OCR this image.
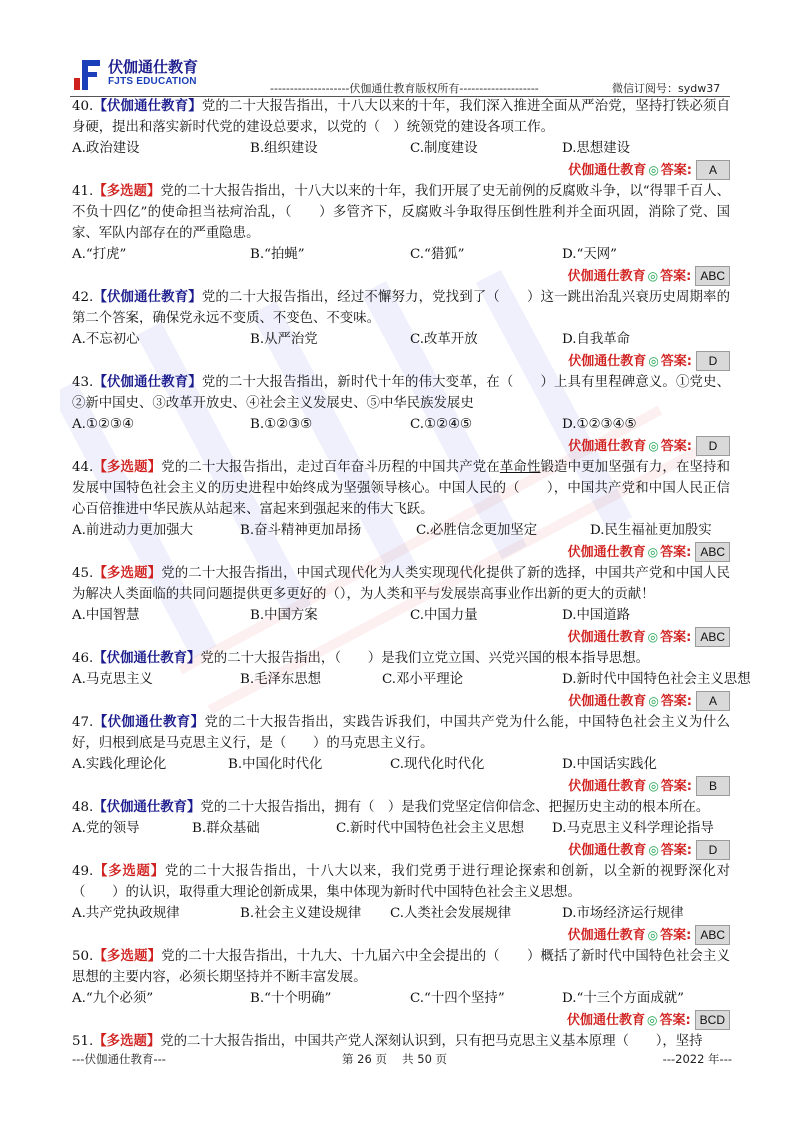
伏伽通仕教育
FJTS EDUCATION
--------------------伏伽通仕教育版权所有--------------------	微信订阅号：sydw37

40.【伏伽通仕教育】党的二十大报告指出，十八大以来的十年，我们深入推进全面从严治党，坚持打铁必须自身硬，提出和落实新时代党的建设总要求，以党的（　）统领党的建设各项工作。

A.政治建设	B.组织建设	C.制度建设	D.思想建设
伏伽通仕教育 ◎ 答案:	A

41.【多选题】党的二十大报告指出，十八大以来的十年，我们开展了史无前例的反腐败斗争，以“得罪千百人、不负十四亿”的使命担当祛疴治乱，（　　）多管齐下，反腐败斗争取得压倒性胜利并全面巩固，消除了党、国家、军队内部存在的严重隐患。

A.“打虎”	B.“拍蝇”	C.“猎狐”	D.“天网”
伏伽通仕教育 ◎ 答案: ABC

42.【伏伽通仕教育】党的二十大报告指出，经过不懈努力，党找到了（　　）这一跳出治乱兴衰历史周期率的第二个答案，确保党永远不变质、不变色、不变味。

A.不忘初心	B.从严治党	C.改革开放	D.自我革命
伏伽通仕教育 ◎ 答案:	D

43.【伏伽通仕教育】党的二十大报告指出，新时代十年的伟大变革，在（　　）上具有里程碑意义。①党史、②新中国史、③改革开放史、④社会主义发展史、⑤中华民族发展史

A.①②③④	B.①②③⑤	C.①②④⑤	D.①②③④⑤
伏伽通仕教育 ◎ 答案:	D

44.【多选题】党的二十大报告指出，走过百年奋斗历程的中国共产党在革命性锻造中更加坚强有力，在坚持和发展中国特色社会主义的历史进程中始终成为坚强领导核心。中国人民的（　　），中国共产党和中国人民正信心百倍推进中华民族从站起来、富起来到强起来的伟大飞跃。

A.前进动力更加强大	B.奋斗精神更加昂扬	C.必胜信念更加坚定	D.民生福祉更加殷实
伏伽通仕教育 ◎ 答案: ABC

45.【多选题】党的二十大报告指出，中国式现代化为人类实现现代化提供了新的选择，中国共产党和中国人民为解决人类面临的共同问题提供更多更好的（），为人类和平与发展崇高事业作出新的更大的贡献！

A.中国智慧	B.中国方案	C.中国力量	D.中国道路
伏伽通仕教育 ◎ 答案: ABC

46.【伏伽通仕教育】党的二十大报告指出，（　　）是我们立党立国、兴党兴国的根本指导思想。

A.马克思主义	B.毛泽东思想	C.邓小平理论	D.新时代中国特色社会主义思想
伏伽通仕教育 ◎ 答案:	A

47.【伏伽通仕教育】党的二十大报告指出，实践告诉我们，中国共产党为什么能，中国特色社会主义为什么好，归根到底是马克思主义行，是（　　）的马克思主义行。

A.实践化理论化	B.中国化时代化	C.现代化时代化	D.中国话实践化
伏伽通仕教育 ◎ 答案:	B

48.【伏伽通仕教育】党的二十大报告指出，拥有（　）是我们党坚定信仰信念、把握历史主动的根本所在。

A.党的领导	B.群众基础	C.新时代中国特色社会主义思想 D.马克思主义科学理论指导
伏伽通仕教育 ◎ 答案:	D

49.【多选题】党的二十大报告指出，十八大以来，我们党勇于进行理论探索和创新，以全新的视野深化对（　　）的认识，取得重大理论创新成果，集中体现为新时代中国特色社会主义思想。

A.共产党执政规律	B.社会主义建设规律 C.人类社会发展规律	D.市场经济运行规律
伏伽通仕教育 ◎ 答案: ABC

50.【多选题】党的二十大报告指出，十九大、十九届六中全会提出的（　　）概括了新时代中国特色社会主义思想的主要内容，必须长期坚持并不断丰富发展。

A.“九个必须”	B.“十个明确”	C.“十四个坚持”	D.“十三个方面成就”
伏伽通仕教育 ◎ 答案: BCD

51.【多选题】党的二十大报告指出，中国共产党人深刻认识到，只有把马克思主义基本原理（　　），坚持

---伏伽通仕教育---	第 26 页　 共 50 页	---2022 年---
